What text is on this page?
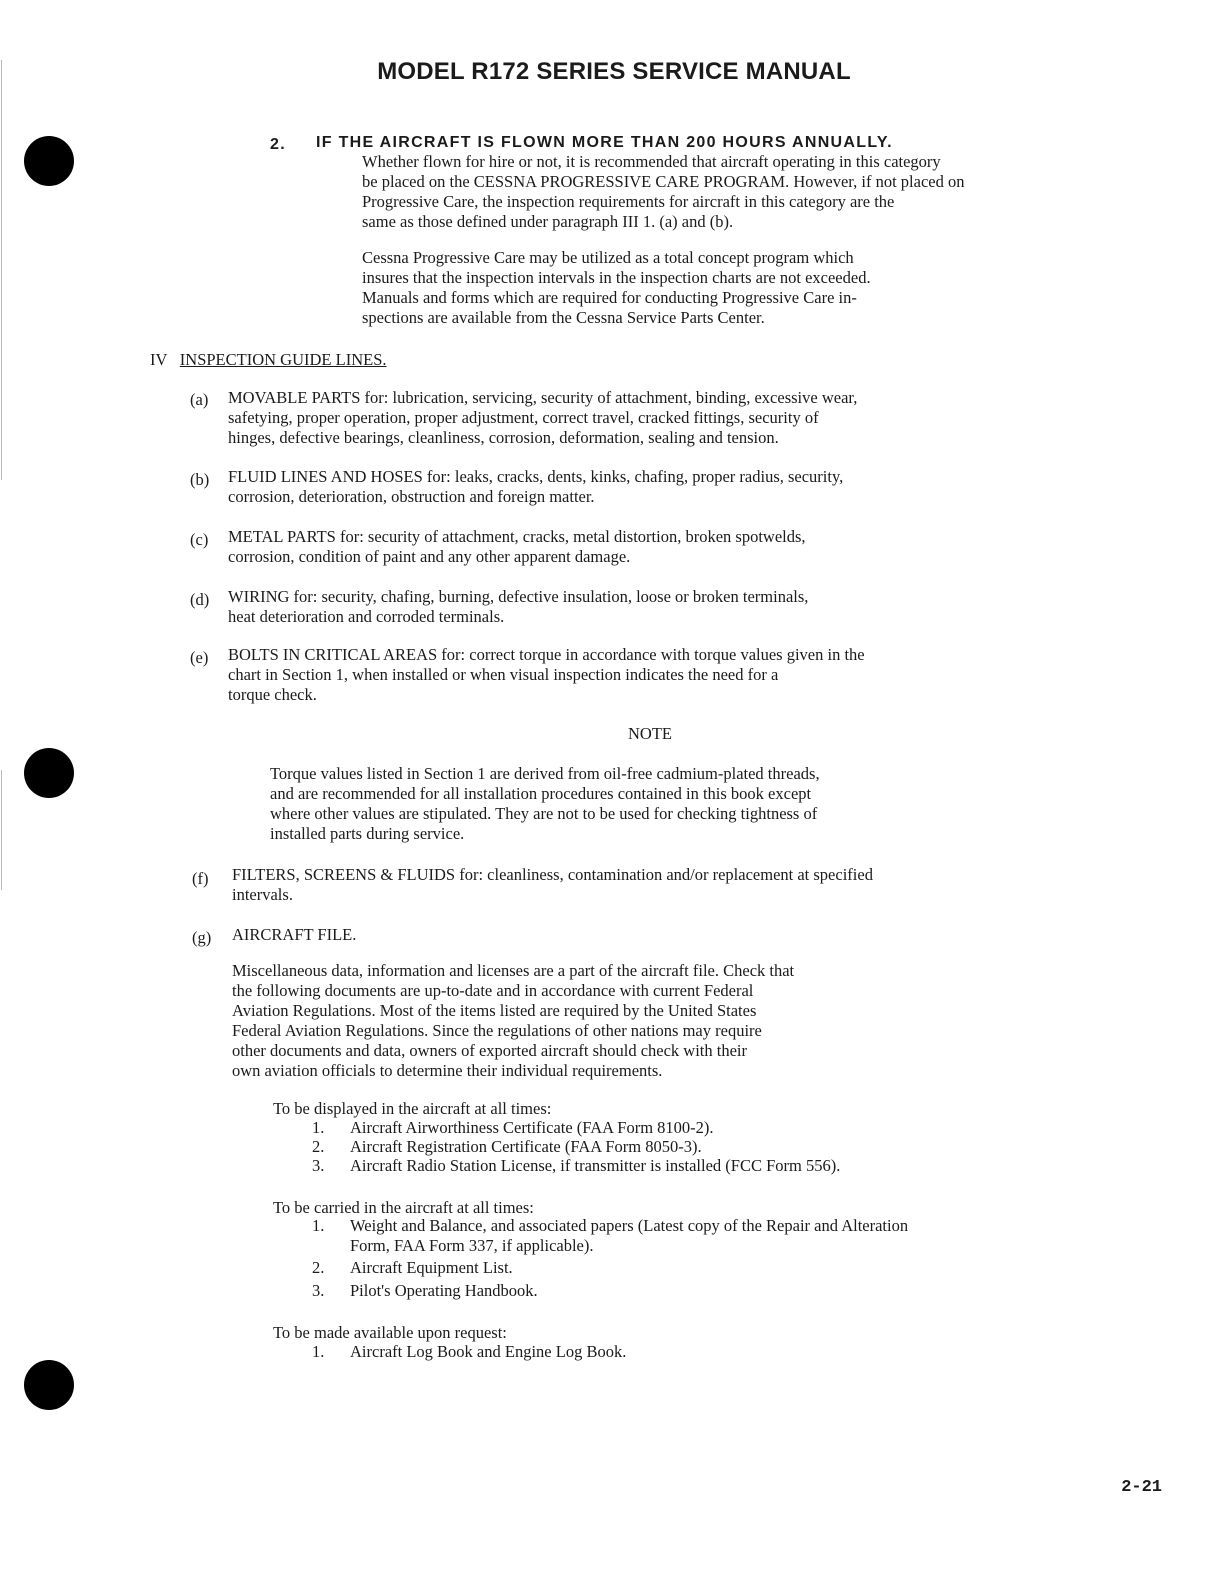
MODEL R172 SERIES SERVICE MANUAL
2. IF THE AIRCRAFT IS FLOWN MORE THAN 200 HOURS ANNUALLY.
Whether flown for hire or not, it is recommended that aircraft operating in this category
be placed on the CESSNA PROGRESSIVE CARE PROGRAM. However, if not placed on
Progressive Care, the inspection requirements for aircraft in this category are the
same as those defined under paragraph III 1. (a) and (b).
Cessna Progressive Care may be utilized as a total concept program which
insures that the inspection intervals in the inspection charts are not exceeded.
Manuals and forms which are required for conducting Progressive Care in-
spections are available from the Cessna Service Parts Center.
IV INSPECTION GUIDE LINES.
(a) MOVABLE PARTS for: lubrication, servicing, security of attachment, binding, excessive wear,
safetying, proper operation, proper adjustment, correct travel, cracked fittings, security of
hinges, defective bearings, cleanliness, corrosion, deformation, sealing and tension.
(b) FLUID LINES AND HOSES for: leaks, cracks, dents, kinks, chafing, proper radius, security,
corrosion, deterioration, obstruction and foreign matter.
(c) METAL PARTS for: security of attachment, cracks, metal distortion, broken spotwelds,
corrosion, condition of paint and any other apparent damage.
(d) WIRING for: security, chafing, burning, defective insulation, loose or broken terminals,
heat deterioration and corroded terminals.
(e) BOLTS IN CRITICAL AREAS for: correct torque in accordance with torque values given in the
chart in Section 1, when installed or when visual inspection indicates the need for a
torque check.
NOTE
Torque values listed in Section 1 are derived from oil-free cadmium-plated threads,
and are recommended for all installation procedures contained in this book except
where other values are stipulated. They are not to be used for checking tightness of
installed parts during service.
(f) FILTERS, SCREENS & FLUIDS for: cleanliness, contamination and/or replacement at specified
intervals.
(g) AIRCRAFT FILE.
Miscellaneous data, information and licenses are a part of the aircraft file. Check that
the following documents are up-to-date and in accordance with current Federal
Aviation Regulations. Most of the items listed are required by the United States
Federal Aviation Regulations. Since the regulations of other nations may require
other documents and data, owners of exported aircraft should check with their
own aviation officials to determine their individual requirements.
To be displayed in the aircraft at all times:
1. Aircraft Airworthiness Certificate (FAA Form 8100-2).
2. Aircraft Registration Certificate (FAA Form 8050-3).
3. Aircraft Radio Station License, if transmitter is installed (FCC Form 556).
To be carried in the aircraft at all times:
1. Weight and Balance, and associated papers (Latest copy of the Repair and Alteration
Form, FAA Form 337, if applicable).
2. Aircraft Equipment List.
3. Pilot's Operating Handbook.
To be made available upon request:
1. Aircraft Log Book and Engine Log Book.
2-21
